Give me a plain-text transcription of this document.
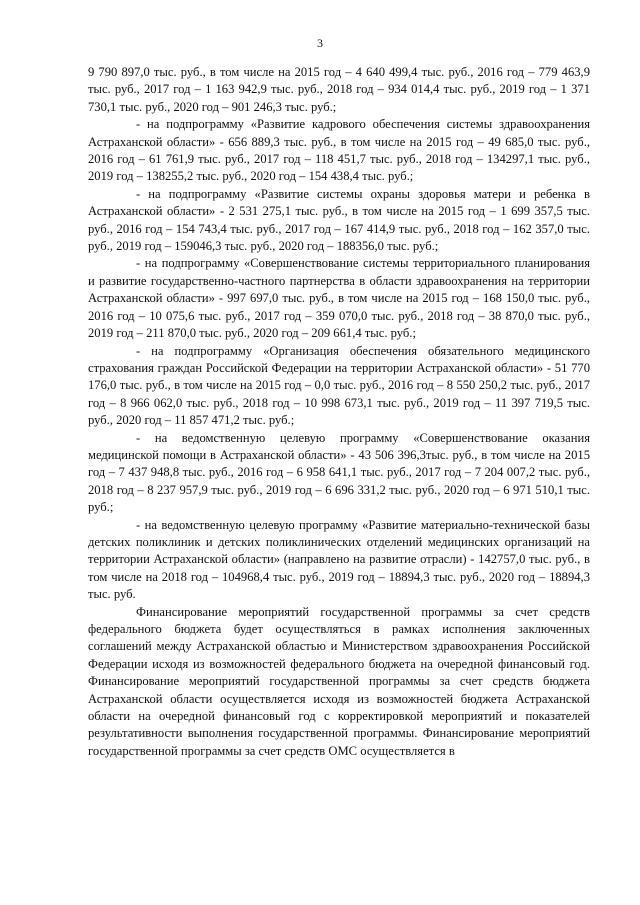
3

9 790 897,0 тыс. руб., в том числе на 2015 год – 4 640 499,4 тыс. руб., 2016 год – 779 463,9 тыс. руб., 2017 год – 1 163 942,9 тыс. руб., 2018 год – 934 014,4 тыс. руб., 2019 год – 1 371 730,1 тыс. руб., 2020 год – 901 246,3 тыс. руб.;

- на подпрограмму «Развитие кадрового обеспечения системы здравоохранения Астраханской области» - 656 889,3 тыс. руб., в том числе на 2015 год – 49 685,0 тыс. руб., 2016 год – 61 761,9 тыс. руб., 2017 год – 118 451,7 тыс. руб., 2018 год – 134297,1 тыс. руб., 2019 год – 138255,2 тыс. руб., 2020 год – 154 438,4 тыс. руб.;

- на подпрограмму «Развитие системы охраны здоровья матери и ребенка в Астраханской области» - 2 531 275,1 тыс. руб., в том числе на 2015 год – 1 699 357,5 тыс. руб., 2016 год – 154 743,4 тыс. руб., 2017 год – 167 414,9 тыс. руб., 2018 год – 162 357,0 тыс. руб., 2019 год – 159046,3 тыс. руб., 2020 год – 188356,0 тыс. руб.;

- на подпрограмму «Совершенствование системы территориального планирования и развитие государственно-частного партнерства в области здравоохранения на территории Астраханской области» - 997 697,0 тыс. руб., в том числе на 2015 год – 168 150,0 тыс. руб., 2016 год – 10 075,6 тыс. руб., 2017 год – 359 070,0 тыс. руб., 2018 год – 38 870,0 тыс. руб., 2019 год – 211 870,0 тыс. руб., 2020 год – 209 661,4 тыс. руб.;

- на подпрограмму «Организация обеспечения обязательного медицинского страхования граждан Российской Федерации на территории Астраханской области» - 51 770 176,0 тыс. руб., в том числе на 2015 год – 0,0 тыс. руб., 2016 год – 8 550 250,2 тыс. руб., 2017 год – 8 966 062,0 тыс. руб., 2018 год – 10 998 673,1 тыс. руб., 2019 год – 11 397 719,5 тыс. руб., 2020 год – 11 857 471,2 тыс. руб.;

- на ведомственную целевую программу «Совершенствование оказания медицинской помощи в Астраханской области» - 43 506 396,3тыс. руб., в том числе на 2015 год – 7 437 948,8 тыс. руб., 2016 год – 6 958 641,1 тыс. руб., 2017 год – 7 204 007,2 тыс. руб., 2018 год – 8 237 957,9 тыс. руб., 2019 год – 6 696 331,2 тыс. руб., 2020 год – 6 971 510,1 тыс. руб.;

- на ведомственную целевую программу «Развитие материально-технической базы детских поликлиник и детских поликлинических отделений медицинских организаций на территории Астраханской области» (направлено на развитие отрасли) - 142757,0 тыс. руб., в том числе на 2018 год – 104968,4 тыс. руб., 2019 год – 18894,3 тыс. руб., 2020 год – 18894,3 тыс. руб.

Финансирование мероприятий государственной программы за счет средств федерального бюджета будет осуществляться в рамках исполнения заключенных соглашений между Астраханской областью и Министерством здравоохранения Российской Федерации исходя из возможностей федерального бюджета на очередной финансовый год. Финансирование мероприятий государственной программы за счет средств бюджета Астраханской области осуществляется исходя из возможностей бюджета Астраханской области на очередной финансовый год с корректировкой мероприятий и показателей результативности выполнения государственной программы. Финансирование мероприятий государственной программы за счет средств ОМС осуществляется в
